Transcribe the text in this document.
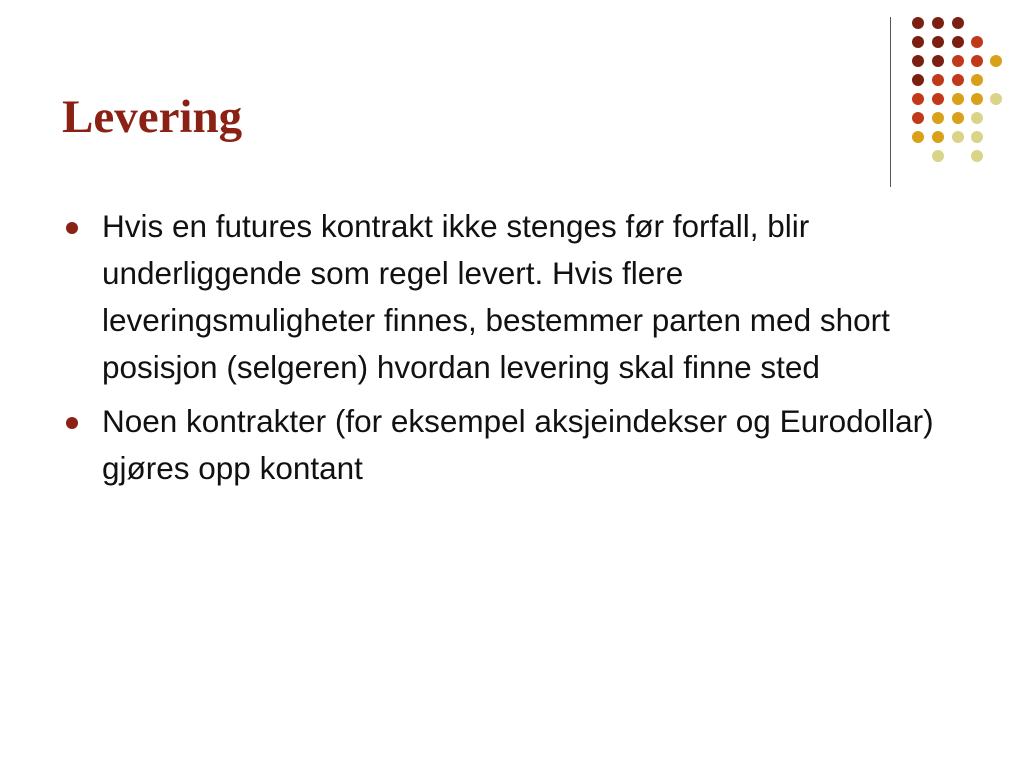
Levering
Hvis en futures kontrakt ikke stenges før forfall, blir underliggende som regel levert. Hvis flere leveringsmuligheter finnes, bestemmer parten med short posisjon (selgeren) hvordan levering skal finne sted
Noen kontrakter (for eksempel aksjeindekser og Eurodollar) gjøres opp kontant
